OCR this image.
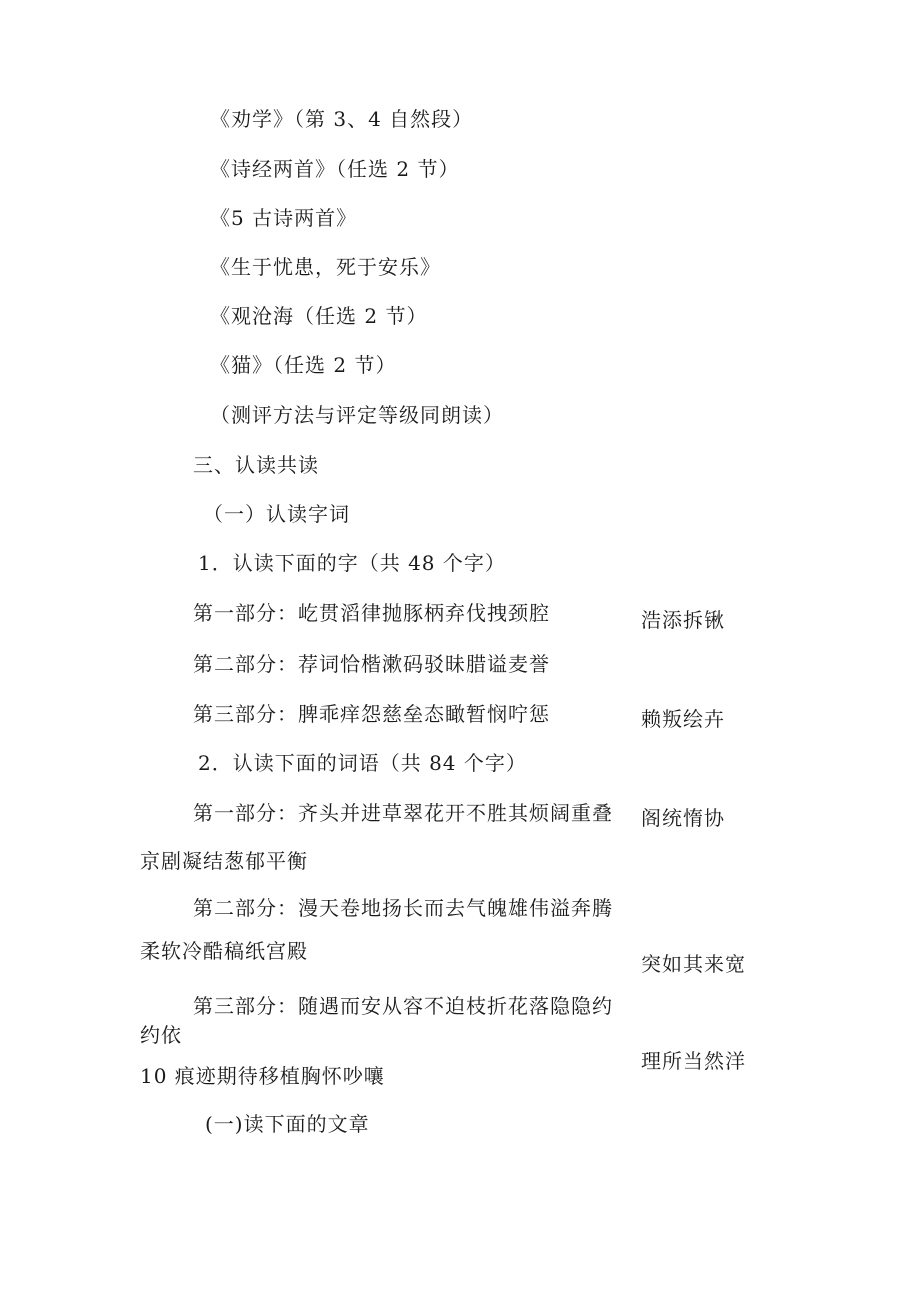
《劝学》（第 3、4 自然段）
《诗经两首》（任选 2 节）
《5 古诗两首》
《生于忧患，死于安乐》
《观沧海（任选 2 节）
《猫》（任选 2 节）
（测评方法与评定等级同朗读）
三、认读共读
（一）认读字词
1．认读下面的字（共 48 个字）
第一部分：屹贯滔律抛豚柄弃伐拽颈腔
第二部分：荐词恰楷漱码驳昧腊谥麦誉
第三部分：脾乖痒怨慈垒态瞰暂悯咛惩
2．认读下面的词语（共 84 个字）
第一部分：齐头并进草翠花开不胜其烦阔重叠
京剧凝结葱郁平衡
第二部分：漫天卷地扬长而去气魄雄伟溢奔腾
柔软冷酷稿纸宫殿
第三部分：随遇而安从容不迫枝折花落隐隐约
约依
10 痕迹期待移植胸怀吵嚷
(一)读下面的文章
浩添拆锹
赖叛绘卉
阁统惰协
突如其来宽
理所当然洋
